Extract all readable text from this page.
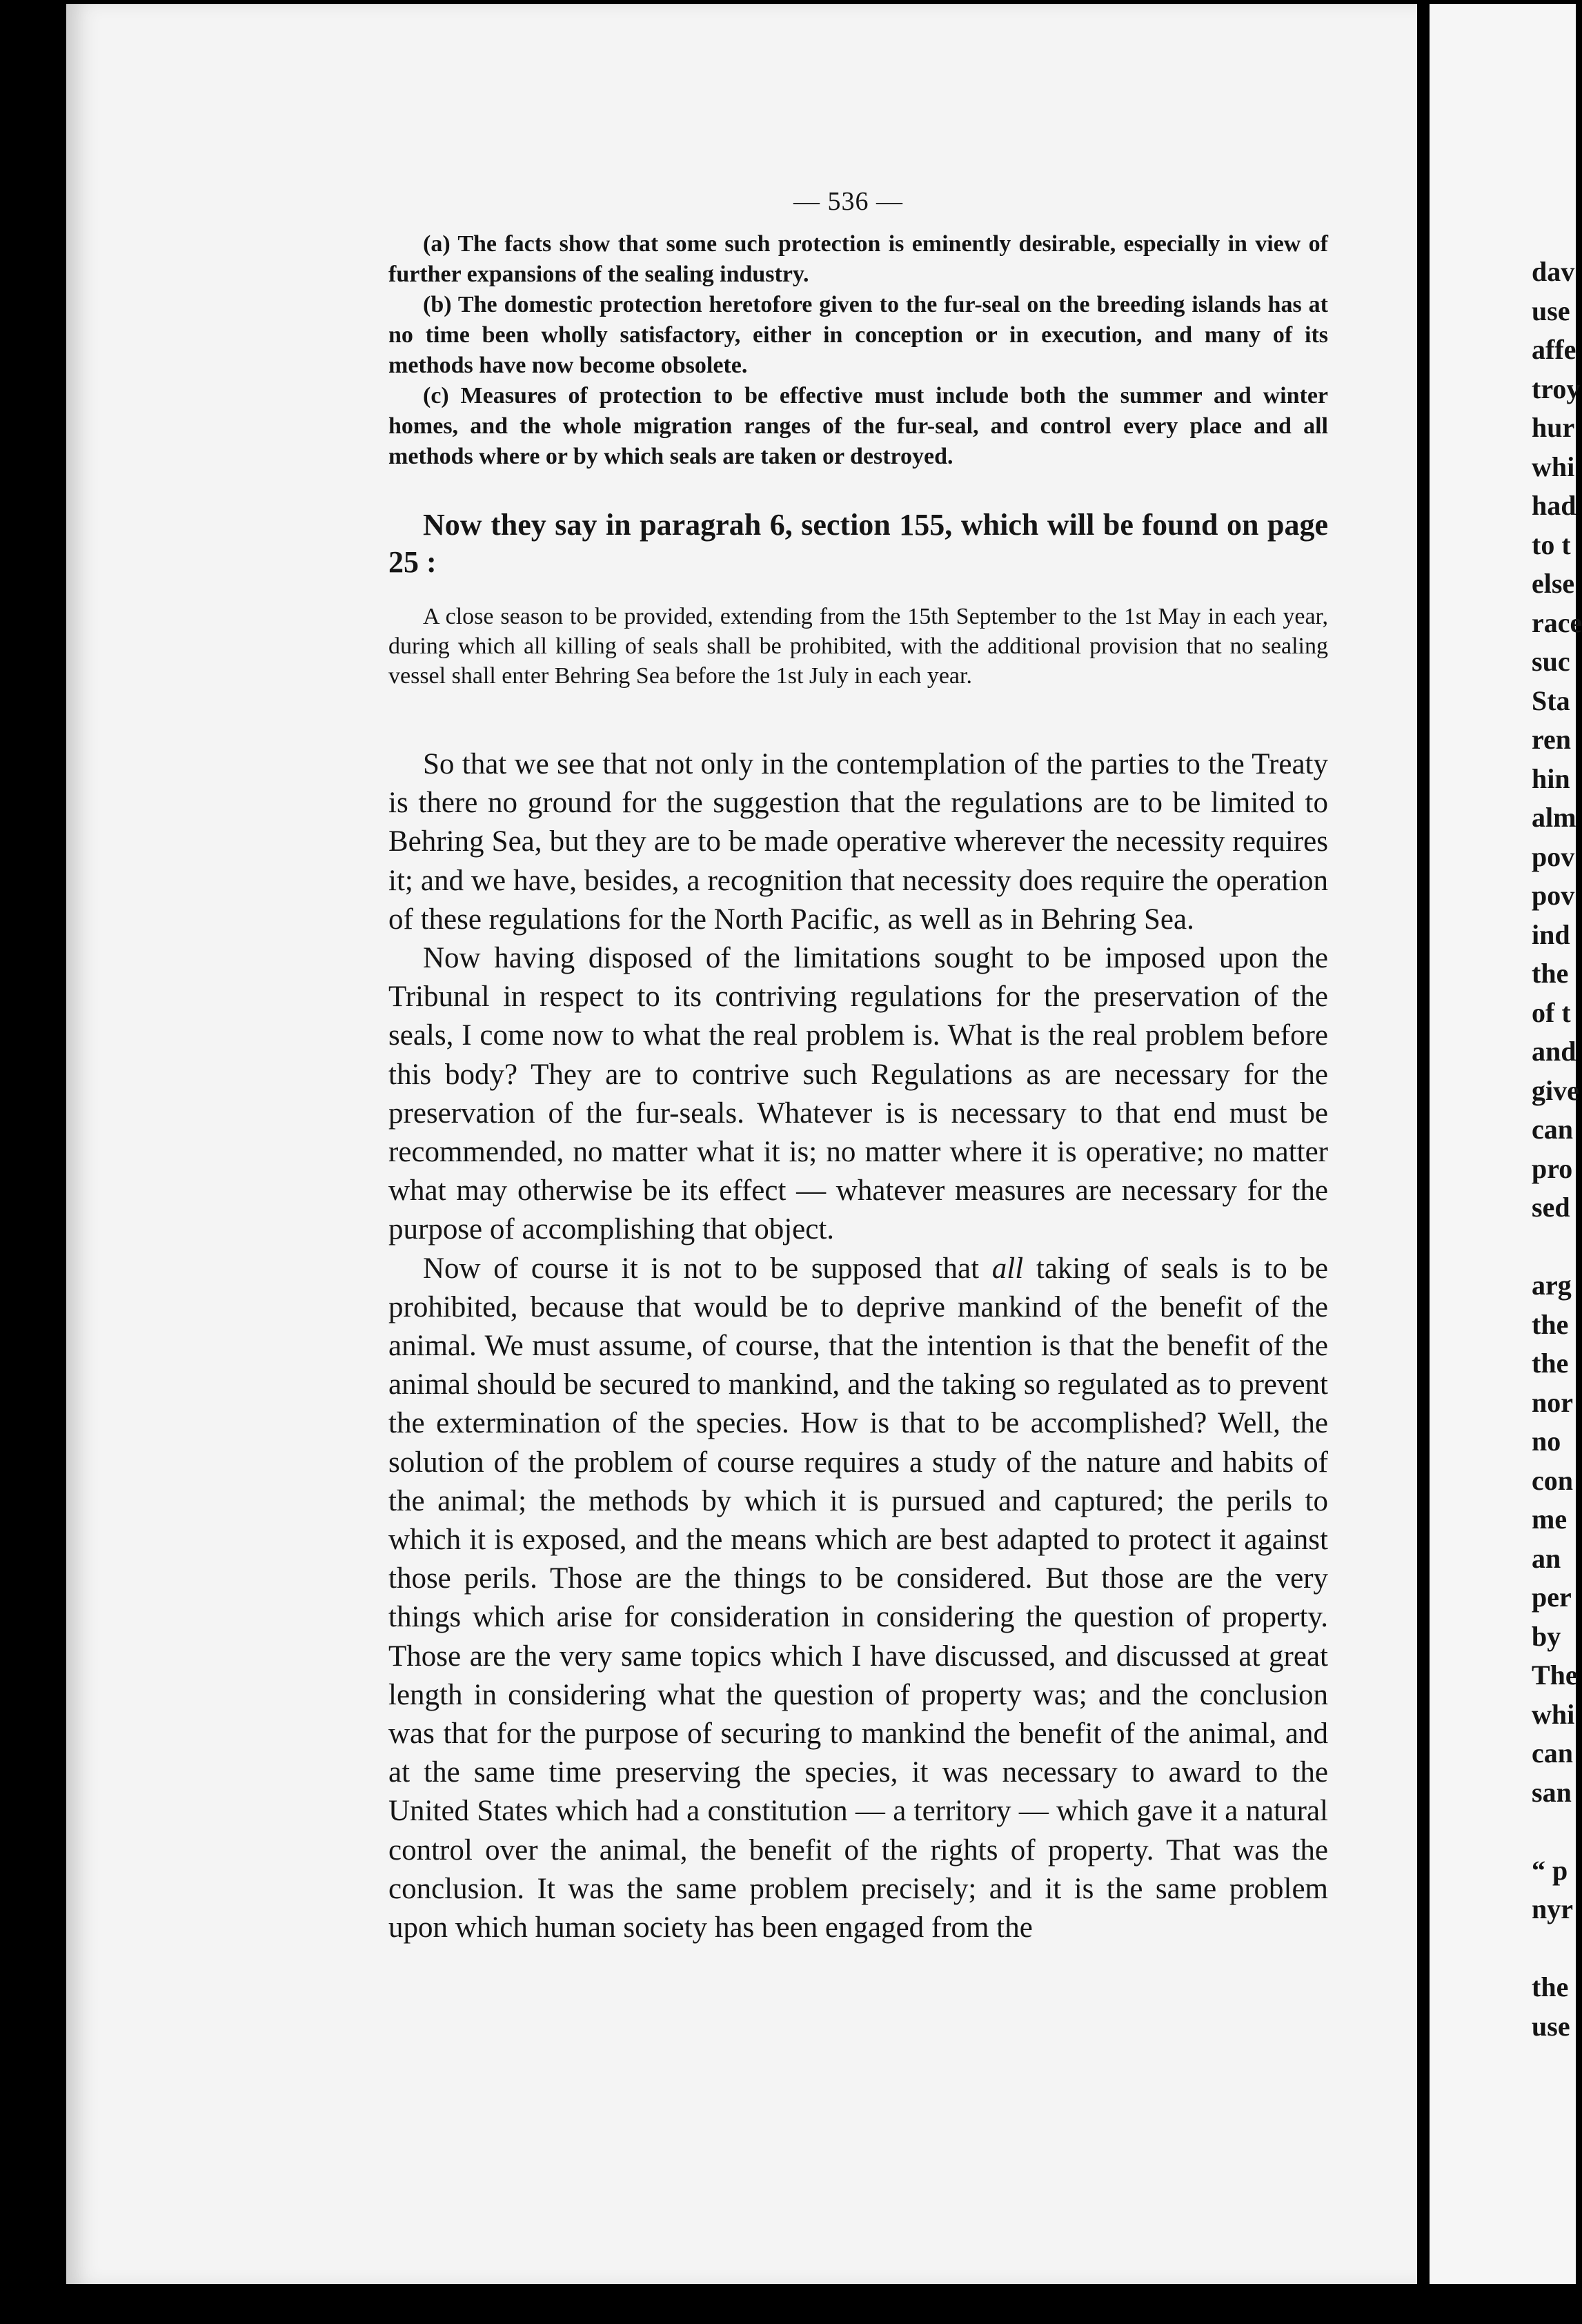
— 536 —

(a) The facts show that some such protection is eminently desirable, especially in view of further expansions of the sealing industry.

(b) The domestic protection heretofore given to the fur-seal on the breeding islands has at no time been wholly satisfactory, either in conception or in execution, and many of its methods have now become obsolete.

(c) Measures of protection to be effective must include both the summer and winter homes, and the whole migration ranges of the fur-seal, and control every place and all methods where or by which seals are taken or destroyed.

Now they say in paragrah 6, section 155, which will be found on page 25 :

A close season to be provided, extending from the 15th September to the 1st May in each year, during which all killing of seals shall be prohibited, with the additional provision that no sealing vessel shall enter Behring Sea before the 1st July in each year.

So that we see that not only in the contemplation of the parties to the Treaty is there no ground for the suggestion that the regulations are to be limited to Behring Sea, but they are to be made operative wherever the necessity requires it; and we have, besides, a recognition that necessity does require the operation of these regulations for the North Pacific, as well as in Behring Sea.

Now having disposed of the limitations sought to be imposed upon the Tribunal in respect to its contriving regulations for the preservation of the seals, I come now to what the real problem is. What is the real problem before this body? They are to contrive such Regulations as are necessary for the preservation of the fur-seals. Whatever is is necessary to that end must be recommended, no matter what it is; no matter where it is operative; no matter what may otherwise be its effect — whatever measures are necessary for the purpose of accomplishing that object.

Now of course it is not to be supposed that all taking of seals is to be prohibited, because that would be to deprive mankind of the benefit of the animal. We must assume, of course, that the intention is that the benefit of the animal should be secured to mankind, and the taking so regulated as to prevent the extermination of the species. How is that to be accomplished? Well, the solution of the problem of course requires a study of the nature and habits of the animal; the methods by which it is pursued and captured; the perils to which it is exposed, and the means which are best adapted to protect it against those perils. Those are the things to be considered. But those are the very things which arise for consideration in considering the question of property. Those are the very same topics which I have discussed, and discussed at great length in considering what the question of property was; and the conclusion was that for the purpose of securing to mankind the benefit of the animal, and at the same time preserving the species, it was necessary to award to the United States which had a constitution — a territory — which gave it a natural control over the animal, the benefit of the rights of property. That was the conclusion. It was the same problem precisely; and it is the same problem upon which human society has been engaged from the

dav
use
affe
troy
hur
whi
had
to t
else
race
suc
Sta
ren
hin
alm
pov
pov
ind
the
of t
and
give
can
pro
sed
arg
the
the
nor
no
con
me
an
per
by
The
whi
can
san
“ p
nyr
the
use
